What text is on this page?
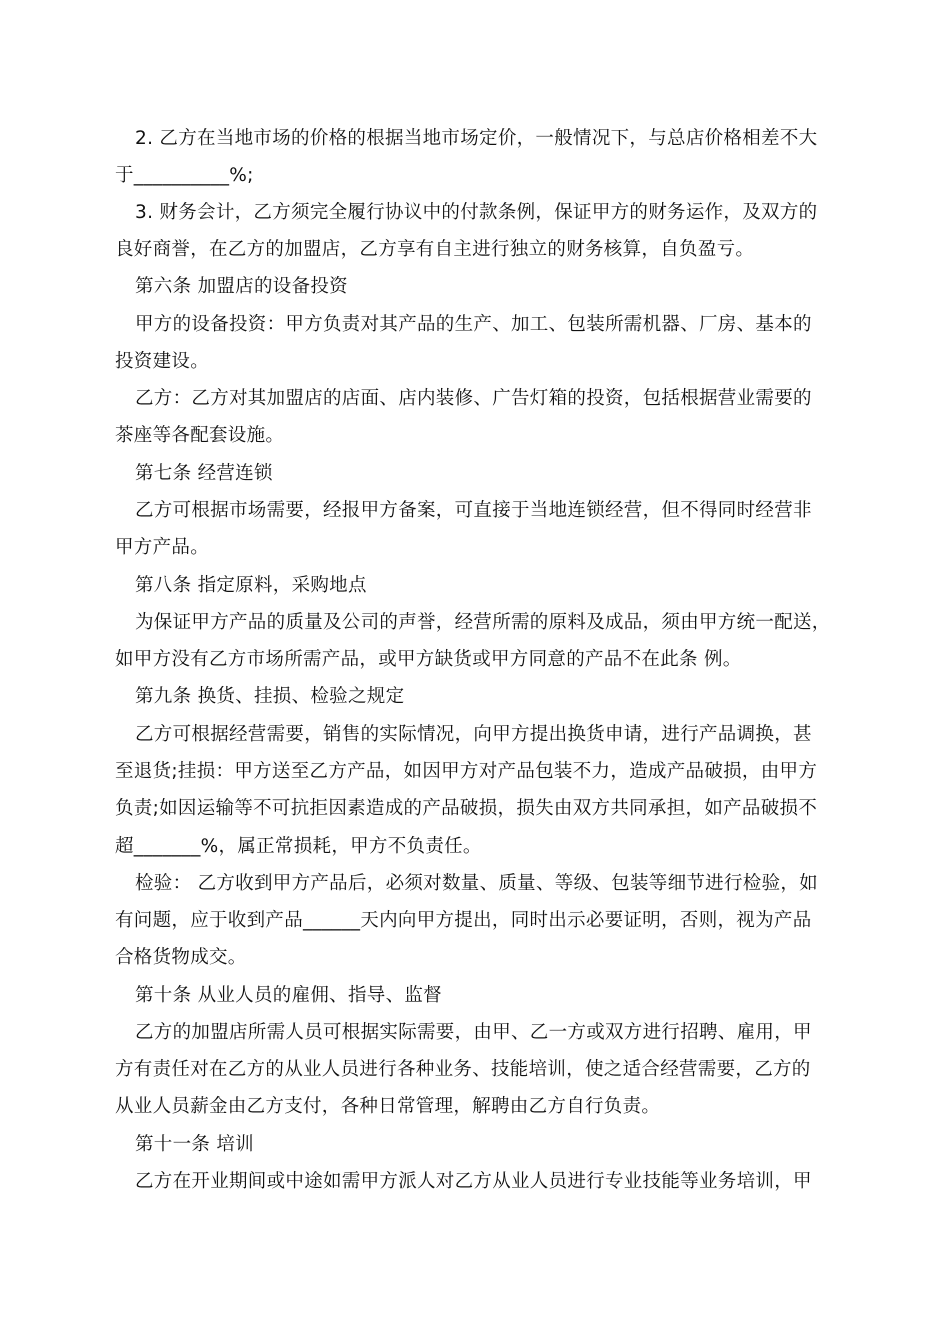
2. 乙方在当地市场的价格的根据当地市场定价，一般情况下，与总店价格相差不大
于__________%;
3. 财务会计，乙方须完全履行协议中的付款条例，保证甲方的财务运作，及双方的
良好商誉，在乙方的加盟店，乙方享有自主进行独立的财务核算，自负盈亏。
第六条 加盟店的设备投资
甲方的设备投资：甲方负责对其产品的生产、加工、包装所需机器、厂房、基本的
投资建设。
乙方：乙方对其加盟店的店面、店内装修、广告灯箱的投资，包括根据营业需要的
茶座等各配套设施。
第七条 经营连锁
乙方可根据市场需要，经报甲方备案，可直接于当地连锁经营，但不得同时经营非
甲方产品。
第八条 指定原料，采购地点
为保证甲方产品的质量及公司的声誉，经营所需的原料及成品，须由甲方统一配送，
如甲方没有乙方市场所需产品，或甲方缺货或甲方同意的产品不在此条 例。
第九条 换货、挂损、检验之规定
乙方可根据经营需要，销售的实际情况，向甲方提出换货申请，进行产品调换，甚
至退货;挂损：甲方送至乙方产品，如因甲方对产品包装不力，造成产品破损，由甲方
负责;如因运输等不可抗拒因素造成的产品破损，损失由双方共同承担，如产品破损不
超_______%，属正常损耗，甲方不负责任。
检验： 乙方收到甲方产品后，必须对数量、质量、等级、包装等细节进行检验，如
有问题，应于收到产品______天内向甲方提出，同时出示必要证明，否则，视为产品
合格货物成交。
第十条 从业人员的雇佣、指导、监督
乙方的加盟店所需人员可根据实际需要，由甲、乙一方或双方进行招聘、雇用，甲
方有责任对在乙方的从业人员进行各种业务、技能培训，使之适合经营需要，乙方的
从业人员薪金由乙方支付，各种日常管理，解聘由乙方自行负责。
第十一条 培训
乙方在开业期间或中途如需甲方派人对乙方从业人员进行专业技能等业务培训，甲
